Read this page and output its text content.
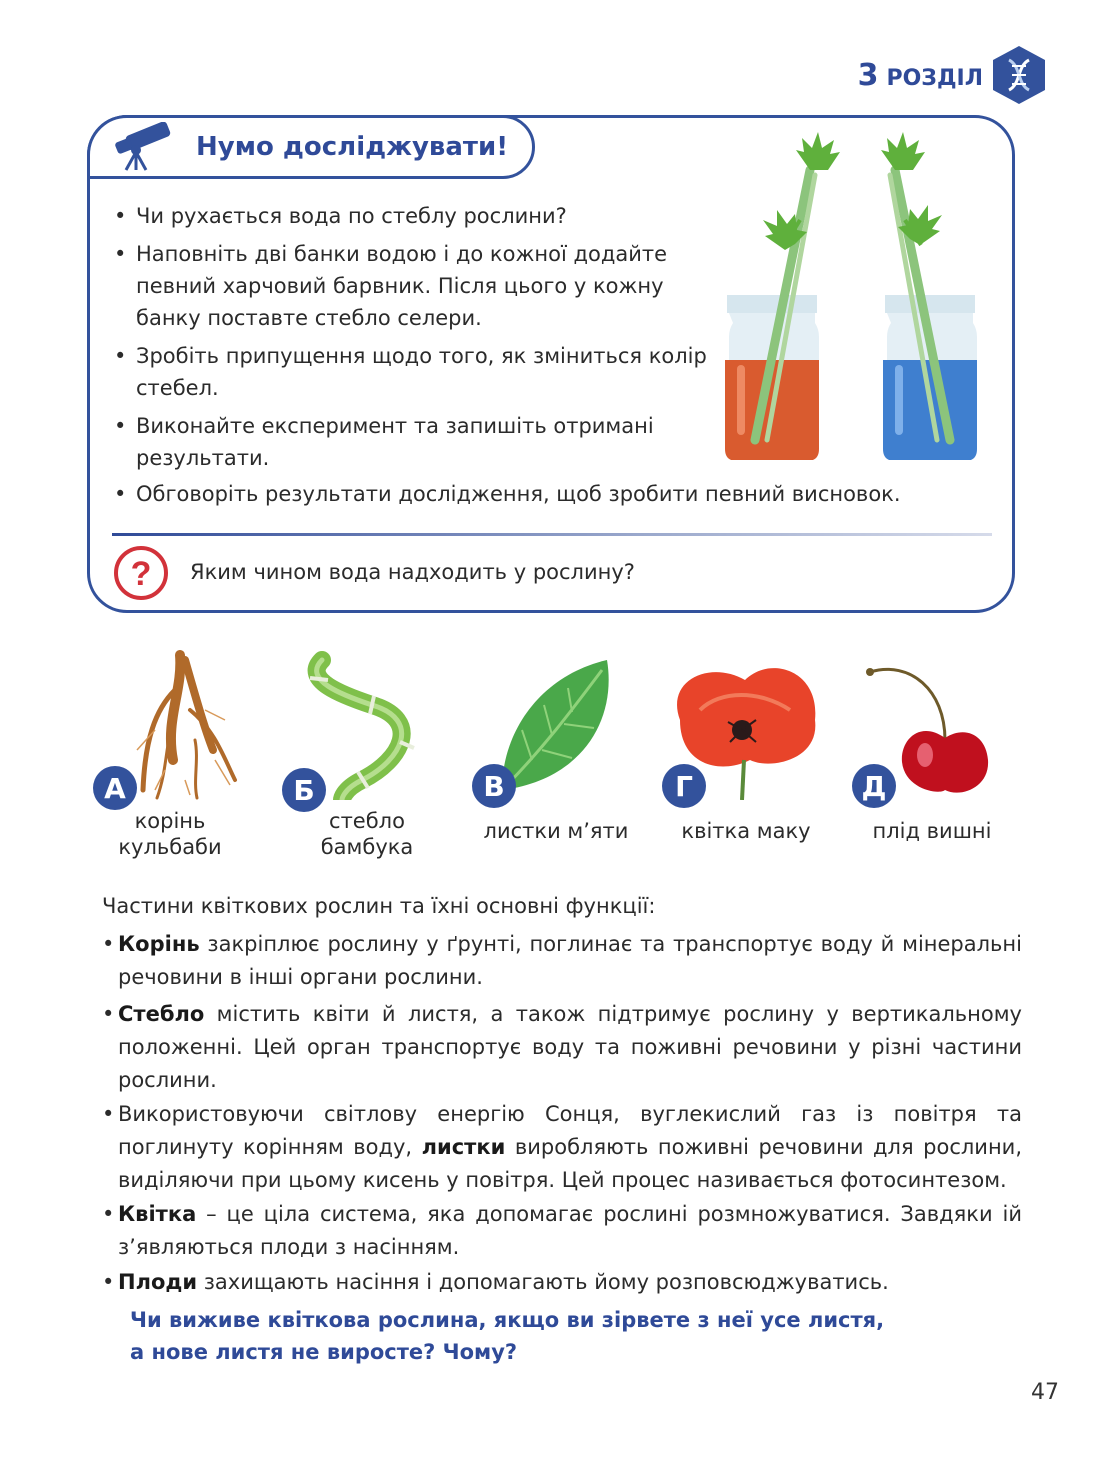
3 РОЗДІЛ
Нумо досліджувати!
• Чи рухається вода по стеблу рослини?
• Наповніть дві банки водою і до кожної додайте певний харчовий барвник. Після цього у кожну банку поставте стебло селери.
• Зробіть припущення щодо того, як зміниться колір стебел.
• Виконайте експеримент та запишіть отримані результати.
• Обговоріть результати дослідження, щоб зробити певний висновок.
? Яким чином вода надходить у рослину?
А
корінь
кульбаби
Б
стебло
бамбука
В
листки м’яти
Г
квітка маку
Д
плід вишні
Частини квіткових рослин та їхні основні функції:
• Корінь закріплює рослину у ґрунті, поглинає та транспортує воду й мінеральні речовини в інші органи рослини.
• Стебло містить квіти й листя, а також підтримує рослину у вертикальному положенні. Цей орган транспортує воду та поживні речовини у різні частини рослини.
• Використовуючи світлову енергію Сонця, вуглекислий газ із повітря та поглинуту корінням воду, листки виробляють поживні речовини для рослини, виділяючи при цьому кисень у повітря. Цей процес називається фотосинтезом.
• Квітка – це ціла система, яка допомагає рослині розмножуватися. Завдяки ій з’являються плоди з насінням.
• Плоди захищають насіння і допомагають йому розповсюджуватись.
Чи виживе квіткова рослина, якщо ви зірвете з неї усе листя,
а нове листя не виросте? Чому?
47
